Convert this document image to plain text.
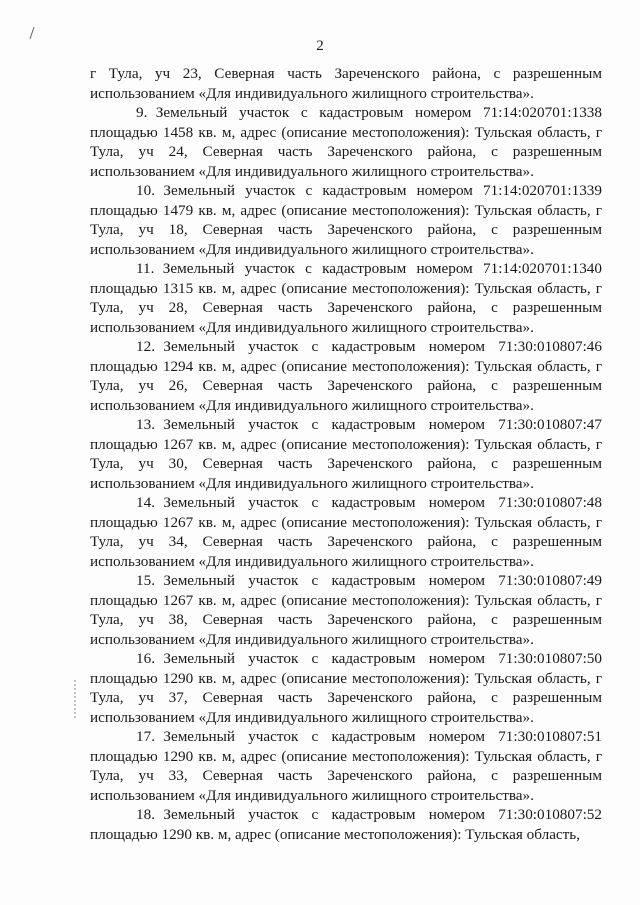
2

г Тула, уч 23, Северная часть Зареченского района, с разрешенным использованием «Для индивидуального жилищного строительства».

9. Земельный участок с кадастровым номером 71:14:020701:1338 площадью 1458 кв. м, адрес (описание местоположения): Тульская область, г Тула, уч 24, Северная часть Зареченского района, с разрешенным использованием «Для индивидуального жилищного строительства».

10. Земельный участок с кадастровым номером 71:14:020701:1339 площадью 1479 кв. м, адрес (описание местоположения): Тульская область, г Тула, уч 18, Северная часть Зареченского района, с разрешенным использованием «Для индивидуального жилищного строительства».

11. Земельный участок с кадастровым номером 71:14:020701:1340 площадью 1315 кв. м, адрес (описание местоположения): Тульская область, г Тула, уч 28, Северная часть Зареченского района, с разрешенным использованием «Для индивидуального жилищного строительства».

12. Земельный участок с кадастровым номером 71:30:010807:46 площадью 1294 кв. м, адрес (описание местоположения): Тульская область, г Тула, уч 26, Северная часть Зареченского района, с разрешенным использованием «Для индивидуального жилищного строительства».

13. Земельный участок с кадастровым номером 71:30:010807:47 площадью 1267 кв. м, адрес (описание местоположения): Тульская область, г Тула, уч 30, Северная часть Зареченского района, с разрешенным использованием «Для индивидуального жилищного строительства».

14. Земельный участок с кадастровым номером 71:30:010807:48 площадью 1267 кв. м, адрес (описание местоположения): Тульская область, г Тула, уч 34, Северная часть Зареченского района, с разрешенным использованием «Для индивидуального жилищного строительства».

15. Земельный участок с кадастровым номером 71:30:010807:49 площадью 1267 кв. м, адрес (описание местоположения): Тульская область, г Тула, уч 38, Северная часть Зареченского района, с разрешенным использованием «Для индивидуального жилищного строительства».

16. Земельный участок с кадастровым номером 71:30:010807:50 площадью 1290 кв. м, адрес (описание местоположения): Тульская область, г Тула, уч 37, Северная часть Зареченского района, с разрешенным использованием «Для индивидуального жилищного строительства».

17. Земельный участок с кадастровым номером 71:30:010807:51 площадью 1290 кв. м, адрес (описание местоположения): Тульская область, г Тула, уч 33, Северная часть Зареченского района, с разрешенным использованием «Для индивидуального жилищного строительства».

18. Земельный участок с кадастровым номером 71:30:010807:52 площадью 1290 кв. м, адрес (описание местоположения): Тульская область,
